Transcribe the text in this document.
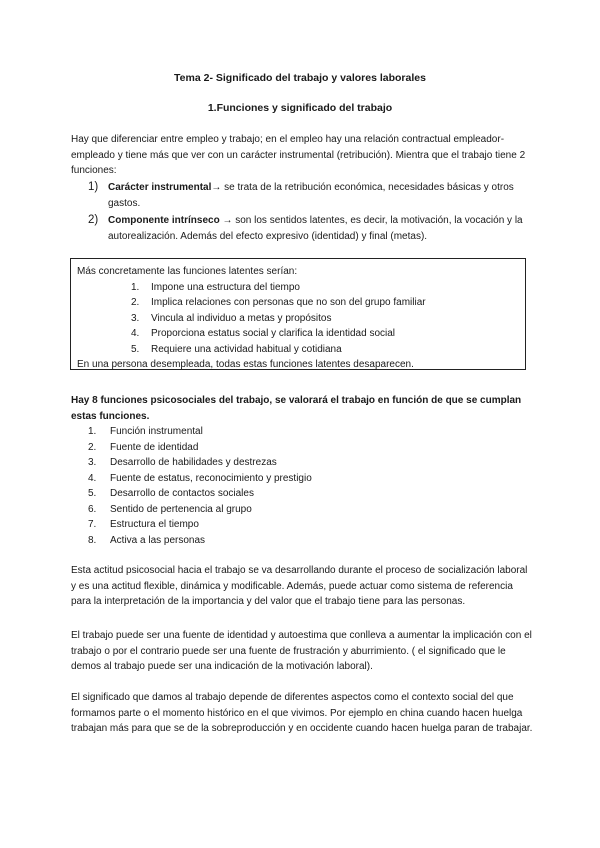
Tema 2- Significado del trabajo y valores laborales
1.Funciones y significado del trabajo
Hay que diferenciar entre empleo y trabajo; en el empleo hay una relación contractual empleador-empleado y tiene más que ver con un carácter instrumental (retribución). Mientra que el trabajo tiene 2 funciones:
1) Carácter instrumental→ se trata de la retribución económica, necesidades básicas y otros gastos.
2) Componente intrínseco → son los sentidos latentes, es decir, la motivación, la vocación y la autorealización. Además del efecto expresivo (identidad) y final (metas).
Más concretamente las funciones latentes serían:
1. Impone una estructura del tiempo
2. Implica relaciones con personas que no son del grupo familiar
3. Vincula al individuo a metas y propósitos
4. Proporciona estatus social y clarifica la identidad social
5. Requiere una actividad habitual y cotidiana
En una persona desempleada, todas estas funciones latentes desaparecen.
Hay 8 funciones psicosociales del trabajo, se valorará el trabajo en función de que se cumplan estas funciones.
1. Función instrumental
2. Fuente de identidad
3. Desarrollo de habilidades y destrezas
4. Fuente de estatus, reconocimiento y prestigio
5. Desarrollo de contactos sociales
6. Sentido de pertenencia al grupo
7. Estructura el tiempo
8. Activa a las personas
Esta actitud psicosocial hacia el trabajo se va desarrollando durante el proceso de socialización laboral y es una actitud flexible, dinámica y modificable. Además, puede actuar como sistema de referencia para la interpretación de la importancia y del valor que el trabajo tiene para las personas.
El trabajo puede ser una fuente de identidad y autoestima que conlleva a aumentar la implicación con el trabajo o por el contrario puede ser una fuente de frustración y aburrimiento. ( el significado que le demos al trabajo puede ser una indicación de la motivación laboral).
El significado que damos al trabajo depende de diferentes aspectos como el contexto social del que formamos parte o el momento histórico en el que vivimos. Por ejemplo en china cuando hacen huelga trabajan más para que se de la sobreproducción y en occidente cuando hacen huelga paran de trabajar.
